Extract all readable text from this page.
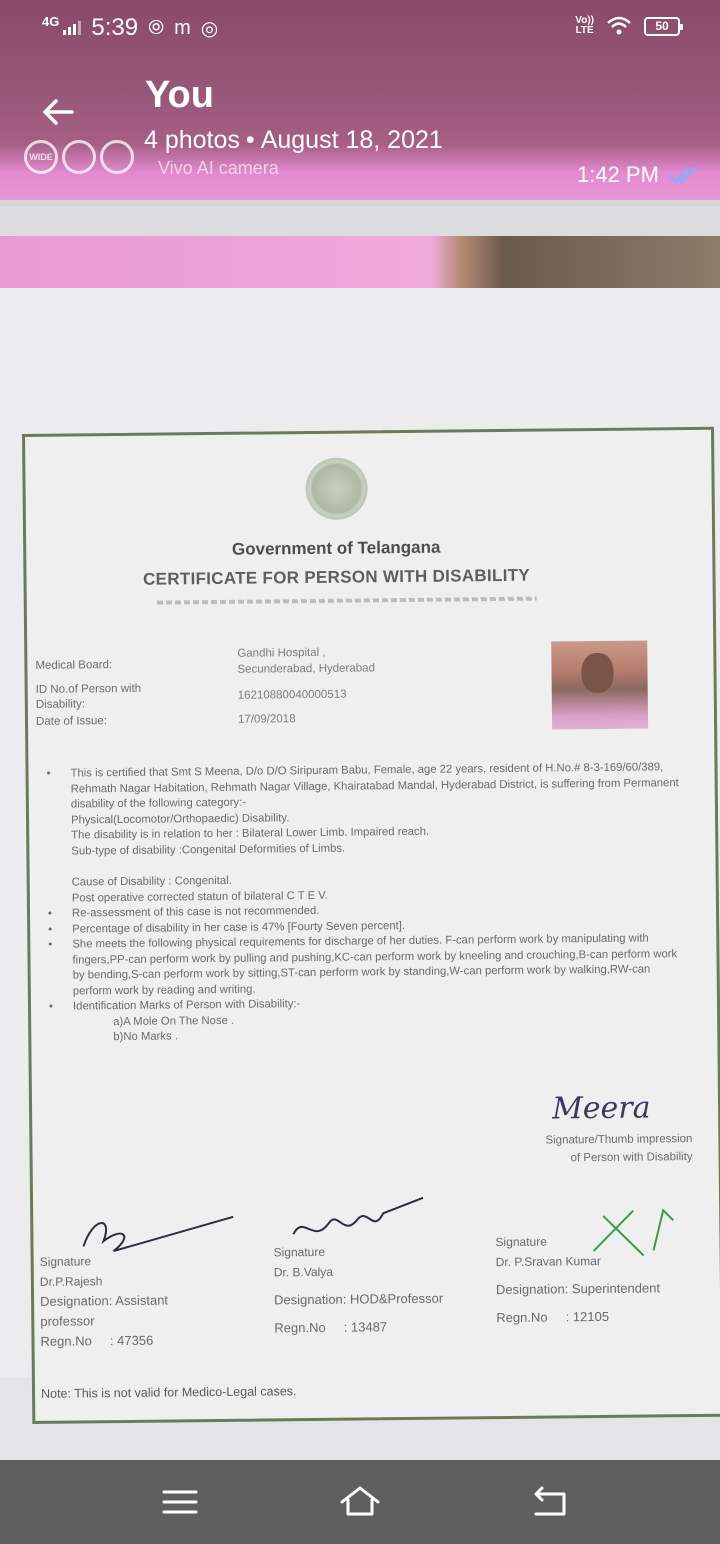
Government of Telangana
CERTIFICATE FOR PERSON WITH DISABILITY
Medical Board:
Gandhi Hospital ,
Secunderabad, Hyderabad
ID No.of Person with
Disability:
16210880040000513
Date of Issue:	17/09/2018

• This is certified that Smt S Meena, D/o D/O Siripuram Babu, Female, age 22 years, resident of H.No.# 8-3-169/60/389, Rehmath Nagar Habitation, Rehmath Nagar Village, Khairatabad Mandal, Hyderabad District, is suffering from Permanent disability of the following category:-

Physical(Locomotor/Orthopaedic) Disability.

The disability is in relation to her : Bilateral Lower Limb. Impaired reach.

Sub-type of disability :Congenital Deformities of Limbs.

Cause of Disability : Congenital.

Post operative corrected statun of bilateral C T E V.

• Re-assessment of this case is not recommended.

• Percentage of disability in her case is 47% [Fourty Seven percent].

• She meets the following physical requirements for discharge of her duties. F-can perform work by manipulating with fingers,PP-can perform work by pulling and pushing,KC-can perform work by kneeling and crouching,B-can perform work by bending,S-can perform work by sitting,ST-can perform work by standing,W-can perform work by walking,RW-can perform work by reading and writing.

• Identification Marks of Person with Disability:-

a)A Mole On The Nose .

b)No Marks .

Meera
Signature/Thumb impression
of Person with Disability
Signature
Dr.P.Rajesh
Designation: Assistant
professor
Regn.No : 47356
Signature
Dr. B.Valya
Designation: HOD&Professor
Regn.No : 13487
Signature
Dr. P.Sravan Kumar
Designation: Superintendent
Regn.No : 12105
Note: This is not valid for Medico-Legal cases.
You
4 photos • August 18, 2021
WIDE
Vivo AI camera	1:42 PM
4G 5:39 ⦾ m ◎	Vo))
LTE	50
